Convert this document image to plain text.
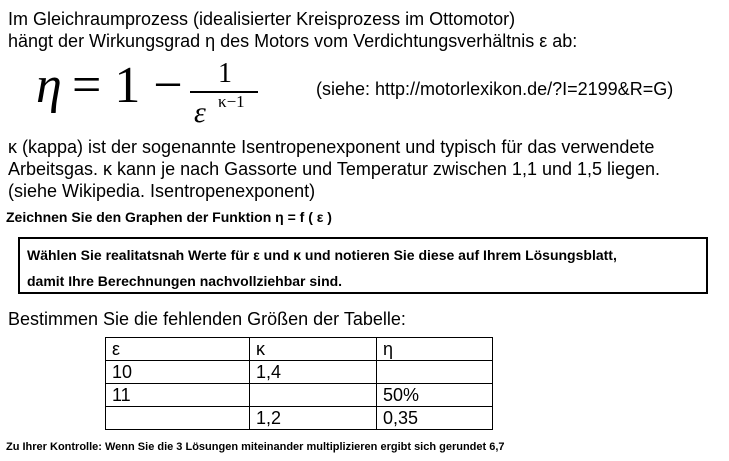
Im Gleichraumprozess (idealisierter Kreisprozess im Ottomotor)
hängt der Wirkungsgrad η des Motors vom Verdichtungsverhältnis ε ab:
η = 1 − 1
ε κ−1
(siehe: http://motorlexikon.de/?I=2199&R=G)
κ (kappa) ist der sogenannte Isentropenexponent und typisch für das verwendete
Arbeitsgas. κ kann je nach Gassorte und Temperatur zwischen 1,1 und 1,5 liegen.
(siehe Wikipedia. Isentropenexponent)
Zeichnen Sie den Graphen der Funktion η = f ( ε )
Wählen Sie realitatsnah Werte für ε und κ und notieren Sie diese auf Ihrem Lösungsblatt,
damit Ihre Berechnungen nachvollziehbar sind.
Bestimmen Sie die fehlenden Größen der Tabelle:
ε	κ	η
10	1,4	
11		50%
	1,2	0,35
Zu Ihrer Kontrolle: Wenn Sie die 3 Lösungen miteinander multiplizieren ergibt sich gerundet 6,7
